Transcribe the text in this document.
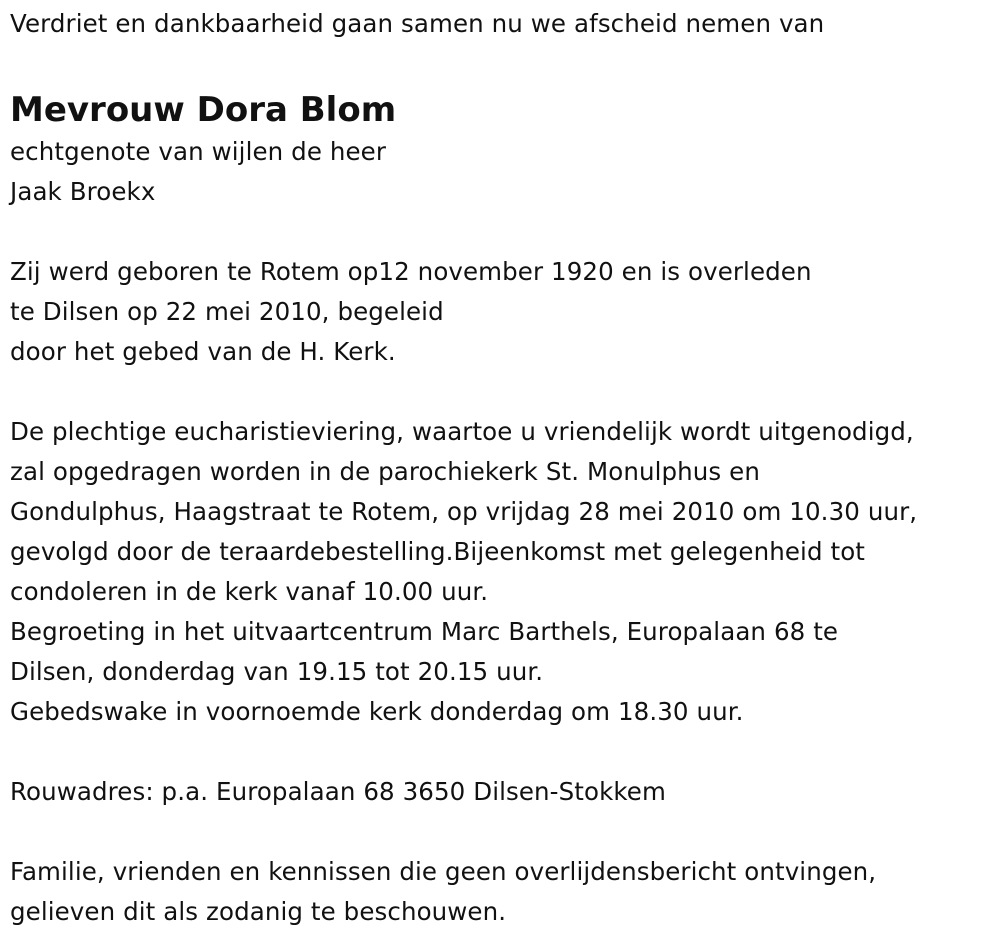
Verdriet en dankbaarheid gaan samen nu we afscheid nemen van
Mevrouw Dora Blom
echtgenote van wijlen de heer
Jaak Broekx
Zij werd geboren te Rotem op12 november 1920 en is overleden
te Dilsen op 22 mei 2010, begeleid
door het gebed van de H. Kerk.
De plechtige eucharistieviering, waartoe u vriendelijk wordt uitgenodigd,
zal opgedragen worden in de parochiekerk St. Monulphus en
Gondulphus, Haagstraat te Rotem, op vrijdag 28 mei 2010 om 10.30 uur,
gevolgd door de teraardebestelling.Bijeenkomst met gelegenheid tot
condoleren in de kerk vanaf 10.00 uur.
Begroeting in het uitvaartcentrum Marc Barthels, Europalaan 68 te
Dilsen, donderdag van 19.15 tot 20.15 uur.
Gebedswake in voornoemde kerk donderdag om 18.30 uur.
Rouwadres: p.a. Europalaan 68 3650 Dilsen-Stokkem
Familie, vrienden en kennissen die geen overlijdensbericht ontvingen,
gelieven dit als zodanig te beschouwen.
